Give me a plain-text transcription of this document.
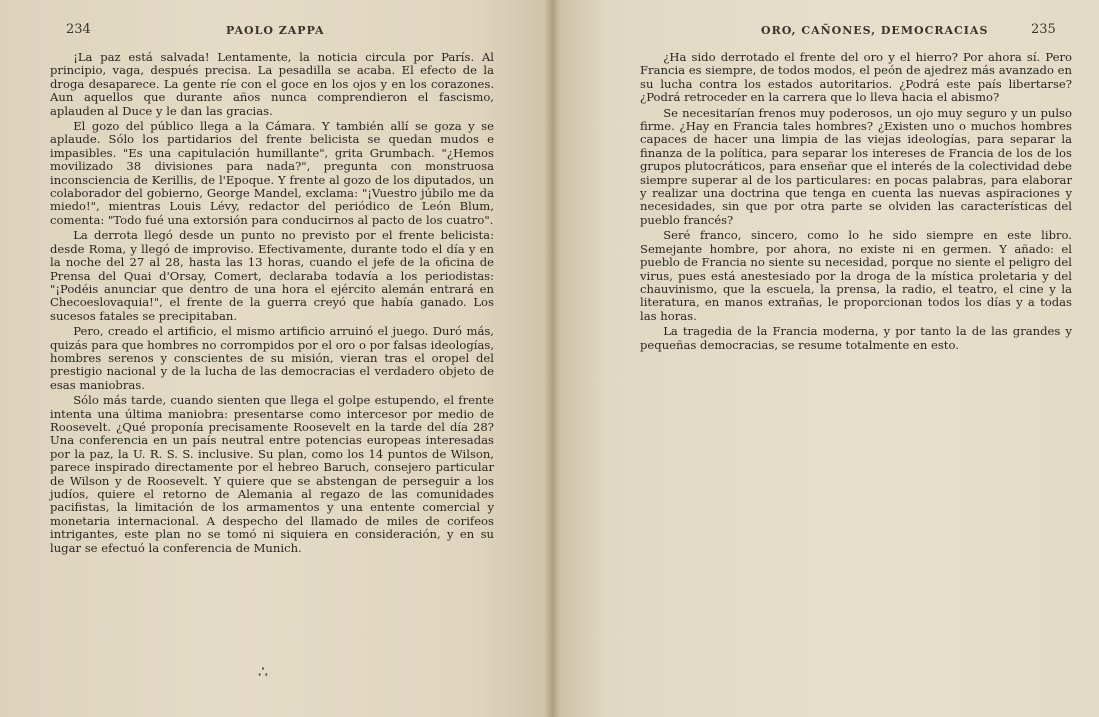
234	PAOLO ZAPPA

¡La paz está salvada! Lentamente, la noticia circula por París. Al principio, vaga, después precisa. La pesadilla se acaba. El efecto de la droga desaparece. La gente ríe con el goce en los ojos y en los corazones. Aun aquellos que durante años nunca comprendieron el fascismo, aplauden al Duce y le dan las gracias.

El gozo del público llega a la Cámara. Y también allí se goza y se aplaude. Sólo los partidarios del frente belicista se quedan mudos e impasibles. "Es una capitulación humillante", grita Grumbach. "¿Hemos movilizado 38 divisiones para nada?", pregunta con monstruosa inconsciencia de Kerillis, de l'Epoque. Y frente al gozo de los diputados, un colaborador del gobierno, George Mandel, exclama: "¡Vuestro júbilo me da miedo!", mientras Louis Lévy, redactor del periódico de León Blum, comenta: "Todo fué una extorsión para conducirnos al pacto de los cuatro".

La derrota llegó desde un punto no previsto por el frente belicista: desde Roma, y llegó de improviso. Efectivamente, durante todo el día y en la noche del 27 al 28, hasta las 13 horas, cuando el jefe de la oficina de Prensa del Quai d'Orsay, Comert, declaraba todavía a los periodistas: "¡Podéis anunciar que dentro de una hora el ejército alemán entrará en Checoeslovaquia!", el frente de la guerra creyó que había ganado. Los sucesos fatales se precipitaban.

Pero, creado el artificio, el mismo artificio arruinó el juego. Duró más, quizás para que hombres no corrompidos por el oro o por falsas ideologías, hombres serenos y conscientes de su misión, vieran tras el oropel del prestigio nacional y de la lucha de las democracias el verdadero objeto de esas maniobras.

Sólo más tarde, cuando sienten que llega el golpe estupendo, el frente intenta una última maniobra: presentarse como intercesor por medio de Roosevelt. ¿Qué proponía precisamente Roosevelt en la tarde del día 28? Una conferencia en un país neutral entre potencias europeas interesadas por la paz, la U. R. S. S. inclusive. Su plan, como los 14 puntos de Wilson, parece inspirado directamente por el hebreo Baruch, consejero particular de Wilson y de Roosevelt. Y quiere que se abstengan de perseguir a los judíos, quiere el retorno de Alemania al regazo de las comunidades pacifistas, la limitación de los armamentos y una entente comercial y monetaria internacional. A despecho del llamado de miles de corifeos intrigantes, este plan no se tomó ni siquiera en consideración, y en su lugar se efectuó la conferencia de Munich.

∴
ORO, CAÑONES, DEMOCRACIAS	235

¿Ha sido derrotado el frente del oro y el hierro? Por ahora sí. Pero Francia es siempre, de todos modos, el peón de ajedrez más avanzado en su lucha contra los estados autoritarios. ¿Podrá este país libertarse? ¿Podrá retroceder en la carrera que lo lleva hacia el abismo?

Se necesitarían frenos muy poderosos, un ojo muy seguro y un pulso firme. ¿Hay en Francia tales hombres? ¿Existen uno o muchos hombres capaces de hacer una limpia de las viejas ideologías, para separar la finanza de la política, para separar los intereses de Francia de los de los grupos plutocráticos, para enseñar que el interés de la colectividad debe siempre superar al de los particulares: en pocas palabras, para elaborar y realizar una doctrina que tenga en cuenta las nuevas aspiraciones y necesidades, sin que por otra parte se olviden las características del pueblo francés?

Seré franco, sincero, como lo he sido siempre en este libro. Semejante hombre, por ahora, no existe ni en germen. Y añado: el pueblo de Francia no siente su necesidad, porque no siente el peligro del virus, pues está anestesiado por la droga de la mística proletaria y del chauvinismo, que la escuela, la prensa, la radio, el teatro, el cine y la literatura, en manos extrañas, le proporcionan todos los días y a todas las horas.

La tragedia de la Francia moderna, y por tanto la de las grandes y pequeñas democracias, se resume totalmente en esto.
